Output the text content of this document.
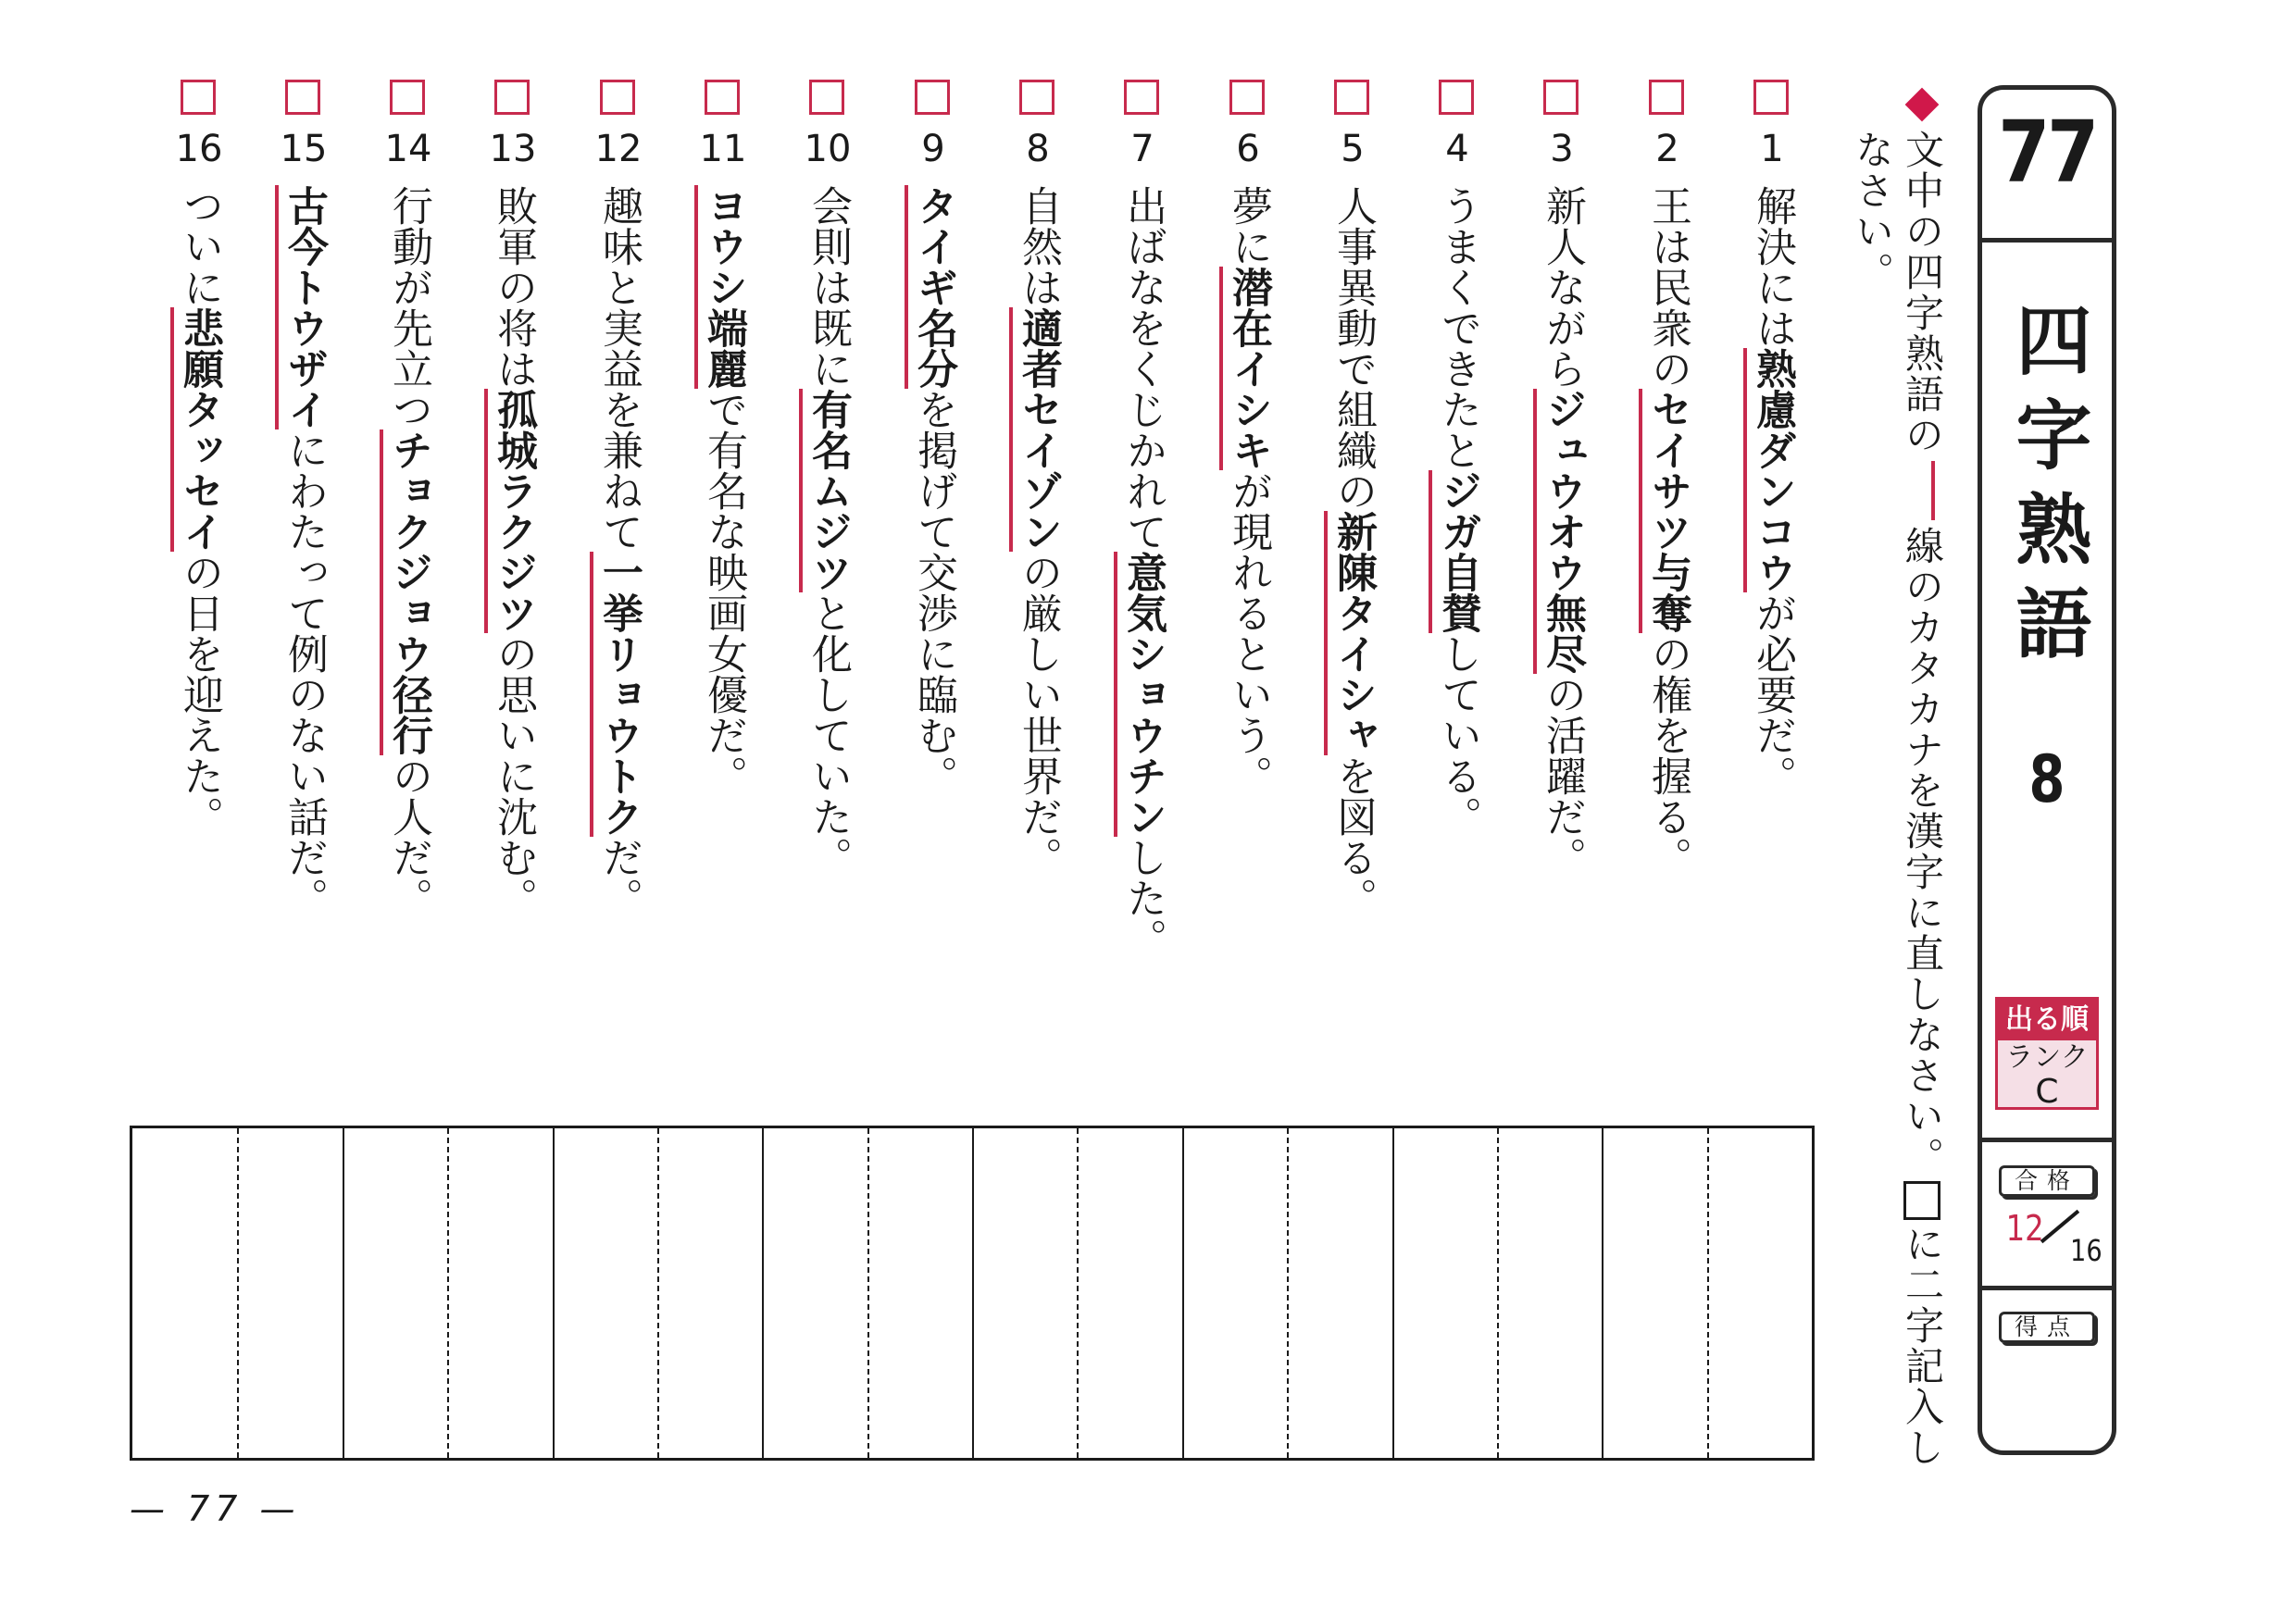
77
四字熟語
8
出る順
ランク
C
合格
12
16
得点
文中の四字熟語の線のカタカナを漢字に直しなさい。に二字記入し
なさい。
1
解決には熟慮ダンコウが必要だ。
2
王は民衆のセイサツ与奪の権を握る。
3
新人ながらジュウオウ無尽の活躍だ。
4
うまくできたとジガ自賛している。
5
人事異動で組織の新陳タイシャを図る。
6
夢に潜在イシキが現れるという。
7
出ばなをくじかれて意気ショウチンした。
8
自然は適者セイゾンの厳しい世界だ。
9
タイギ名分を掲げて交渉に臨む。
10
会則は既に有名ムジツと化していた。
11
ヨウシ端麗で有名な映画女優だ。
12
趣味と実益を兼ねて一挙リョウトクだ。
13
敗軍の将は孤城ラクジツの思いに沈む。
14
行動が先立つチョクジョウ径行の人だ。
15
古今トウザイにわたって例のない話だ。
16
ついに悲願タッセイの日を迎えた。
— 77 —
